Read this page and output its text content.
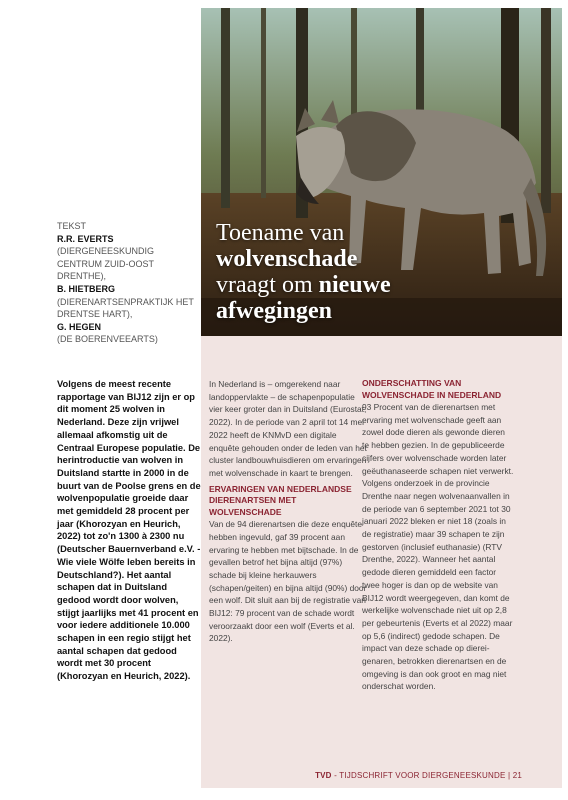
Toename van
wolvenschade
vraagt om nieuwe
afwegingen
TEKST
R.R. EVERTS
(DIERGENEESKUNDIG CENTRUM ZUID-OOST DRENTHE),
B. HIETBERG
(DIERENARTSENPRAKTIJK HET DRENTSE HART),
G. HEGEN
(DE BOERENVEEARTS)
Volgens de meest recente rapportage van BIJ12 zijn er op dit moment 25 wolven in Nederland. Deze zijn vrijwel allemaal afkomstig uit de Centraal Europese populatie. De herintroductie van wolven in Duitsland startte in 2000 in de buurt van de Poolse grens en de wolvenpopulatie groeide daar met gemiddeld 28 procent per jaar (Khorozyan en Heurich, 2022) tot zo'n 1300 à 2300 nu (Deutscher Bauernverband e.V. - Wie viele Wölfe leben bereits in Deutschland?). Het aantal schapen dat in Duitsland gedood wordt door wolven, stijgt jaarlijks met 41 procent en voor iedere additionele 10.000 schapen in een regio stijgt het aantal schapen dat gedood wordt met 30 procent (Khorozyan en Heurich, 2022).

In Nederland is – omgerekend naar landoppervlakte – de schapenpopulatie vier keer groter dan in Duitsland (Eurostat, 2022). In de periode van 2 april tot 14 mei 2022 heeft de KNMvD een digitale enquête gehouden onder de leden van het cluster landbouwhuisdieren om ervaringen met wolvenschade in kaart te brengen.

ERVARINGEN VAN NEDERLANDSE DIERENARTSEN MET WOLVENSCHADE

Van de 94 dierenartsen die deze enquête hebben ingevuld, gaf 39 procent aan ervaring te hebben met bijtschade. In de gevallen betrof het bijna altijd (97%) schade bij kleine herkauwers (schapen/geiten) en bijna altijd (90%) door een wolf. Dit sluit aan bij de registratie van BIJ12: 79 procent van de schade wordt veroorzaakt door een wolf (Everts et al. 2022).

ONDERSCHATTING VAN WOLVENSCHADE IN NEDERLAND

93 Procent van de dierenartsen met ervaring met wolvenschade geeft aan zowel dode dieren als gewonde dieren te hebben gezien. In de gepubliceerde cijfers over wolvenschade worden later geëuthanaseerde schapen niet verwerkt. Volgens onderzoek in de provincie Drenthe naar negen wolvenaanvallen in de periode van 6 september 2021 tot 30 januari 2022 bleken er niet 18 (zoals in de registratie) maar 39 schapen te zijn gestorven (inclusief euthanasie) (RTV Drenthe, 2022). Wanneer het aantal gedode dieren gemiddeld een factor twee hoger is dan op de website van BIJ12 wordt weergegeven, dan komt de werkelijke wolvenschade niet uit op 2,8 per gebeurtenis (Everts et al 2022) maar op 5,6 (indirect) gedode schapen. De impact van deze schade op dierei-genaren, betrokken dierenartsen en de omgeving is dan ook groot en mag niet onderschat worden.

TVD - TIJDSCHRIFT VOOR DIERGENEESKUNDE | 21
